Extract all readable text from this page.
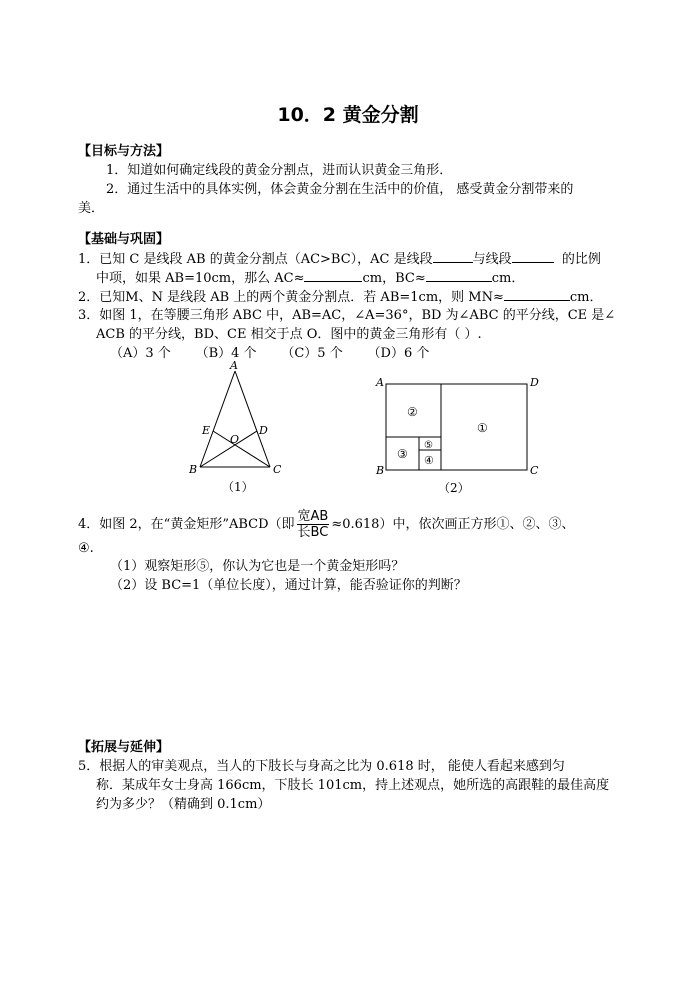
10．2 黄金分割
【目标与方法】
1．知道如何确定线段的黄金分割点，进而认识黄金三角形．
2．通过生活中的具体实例，体会黄金分割在生活中的价值， 感受黄金分割带来的
美．
【基础与巩固】
1．已知 C 是线段 AB 的黄金分割点（AC>BC），AC 是线段	与线段	的比例
中项，如果 AB=10cm，那么 AC≈	cm，BC≈	cm．
2．已知M、N 是线段 AB 上的两个黄金分割点．若 AB=1cm，则 MN≈	cm．
3．如图 1，在等腰三角形 ABC 中，AB=AC，∠A=36°，BD 为∠ABC 的平分线，CE 是∠
ACB 的平分线，BD、CE 相交于点 O．图中的黄金三角形有（ ）.
（A）3 个 （B）4 个 （C）5 个 （D）6 个
A
B	C
D
E
O
（1）
A	D
B	C
①
②
③ ④
⑤
（2）
4．如图 2，在“黄金矩形”ABCD（即 $\frac{\text{宽AB}}{\text{长BC}} \approx 0.618$）中，依次画正方形①、②、③、
④.
（1）观察矩形⑤，你认为它也是一个黄金矩形吗？
（2）设 BC=1（单位长度），通过计算，能否验证你的判断？
【拓展与延伸】
5．根据人的审美观点，当人的下肢长与身高之比为 0.618 时， 能使人看起来感到匀
称．某成年女士身高 166cm，下肢长 101cm，持上述观点，她所选的高跟鞋的最佳高度
约为多少？（精确到 0.1cm）
